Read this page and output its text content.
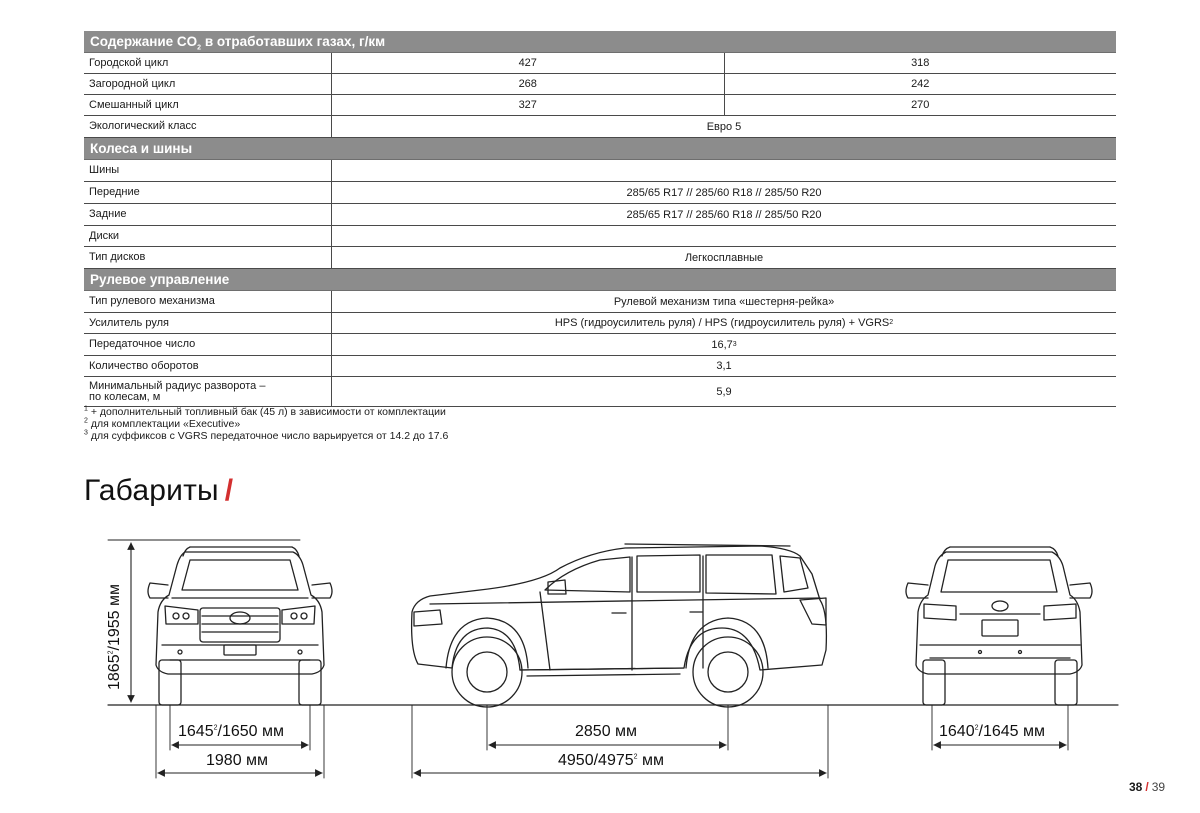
Содержание $CO_2$ в отработавших газах, г/км
Городской цикл	427	318
Загородной цикл	268	242
Смешанный цикл	327	270
Экологический класс	Евро 5
Колеса и шины
Шины
Передние	285/65 R17 // 285/60 R18 // 285/50 R20
Задние	285/65 R17 // 285/60 R18 // 285/50 R20
Диски
Тип дисков	Легкосплавные
Рулевое управление
Тип рулевого механизма	Рулевой механизм типа «шестерня-рейка»
Усилитель руля	HPS (гидроусилитель руля) / HPS (гидроусилитель руля) + VGRS 2
Передаточное число	16,7 3
Количество оборотов	3,1
Минимальный радиус разворота –
по колесам, м	5,9
$^1$ + дополнительный топливный бак (45 л) в зависимости от комплектации
$^2$ для комплектации «Executive»
$^3$ для суффиксов с VGRS передаточное число варьируется от 14.2 до 17.6
Габариты /
1865$^2$/1955 мм
1645$^2$/1650 мм
1980 мм
2850 мм
4950/4975$^2$ мм
1640$^2$/1645 мм
38 / 39
